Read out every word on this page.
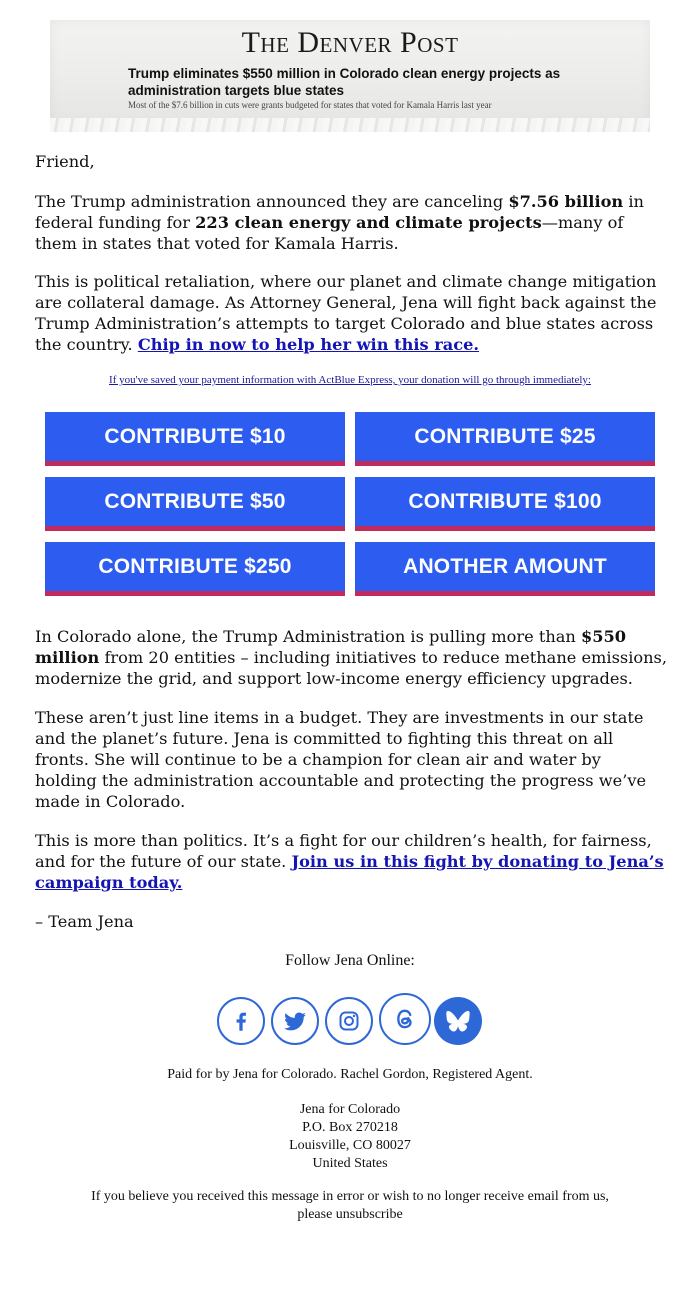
The Denver Post
Trump eliminates $550 million in Colorado clean energy projects as administration targets blue states
Most of the $7.6 billion in cuts were grants budgeted for states that voted for Kamala Harris last year

Friend,

The Trump administration announced they are canceling $7.56 billion in federal funding for 223 clean energy and climate projects—many of them in states that voted for Kamala Harris.

This is political retaliation, where our planet and climate change mitigation are collateral damage. As Attorney General, Jena will fight back against the Trump Administration’s attempts to target Colorado and blue states across the country. Chip in now to help her win this race.

If you've saved your payment information with ActBlue Express, your donation will go through immediately:
CONTRIBUTE $10	CONTRIBUTE $25
CONTRIBUTE $50	CONTRIBUTE $100
CONTRIBUTE $250	ANOTHER AMOUNT

In Colorado alone, the Trump Administration is pulling more than $550 million from 20 entities – including initiatives to reduce methane emissions, modernize the grid, and support low-income energy efficiency upgrades.

These aren’t just line items in a budget. They are investments in our state and the planet’s future. Jena is committed to fighting this threat on all fronts. She will continue to be a champion for clean air and water by holding the administration accountable and protecting the progress we’ve made in Colorado.

This is more than politics. It’s a fight for our children’s health, for fairness, and for the future of our state. Join us in this fight by donating to Jena’s campaign today.

– Team Jena

Follow Jena Online:
Paid for by Jena for Colorado. Rachel Gordon, Registered Agent.
Jena for Colorado
P.O. Box 270218
Louisville, CO 80027
United States
If you believe you received this message in error or wish to no longer receive email from us,
please unsubscribe
